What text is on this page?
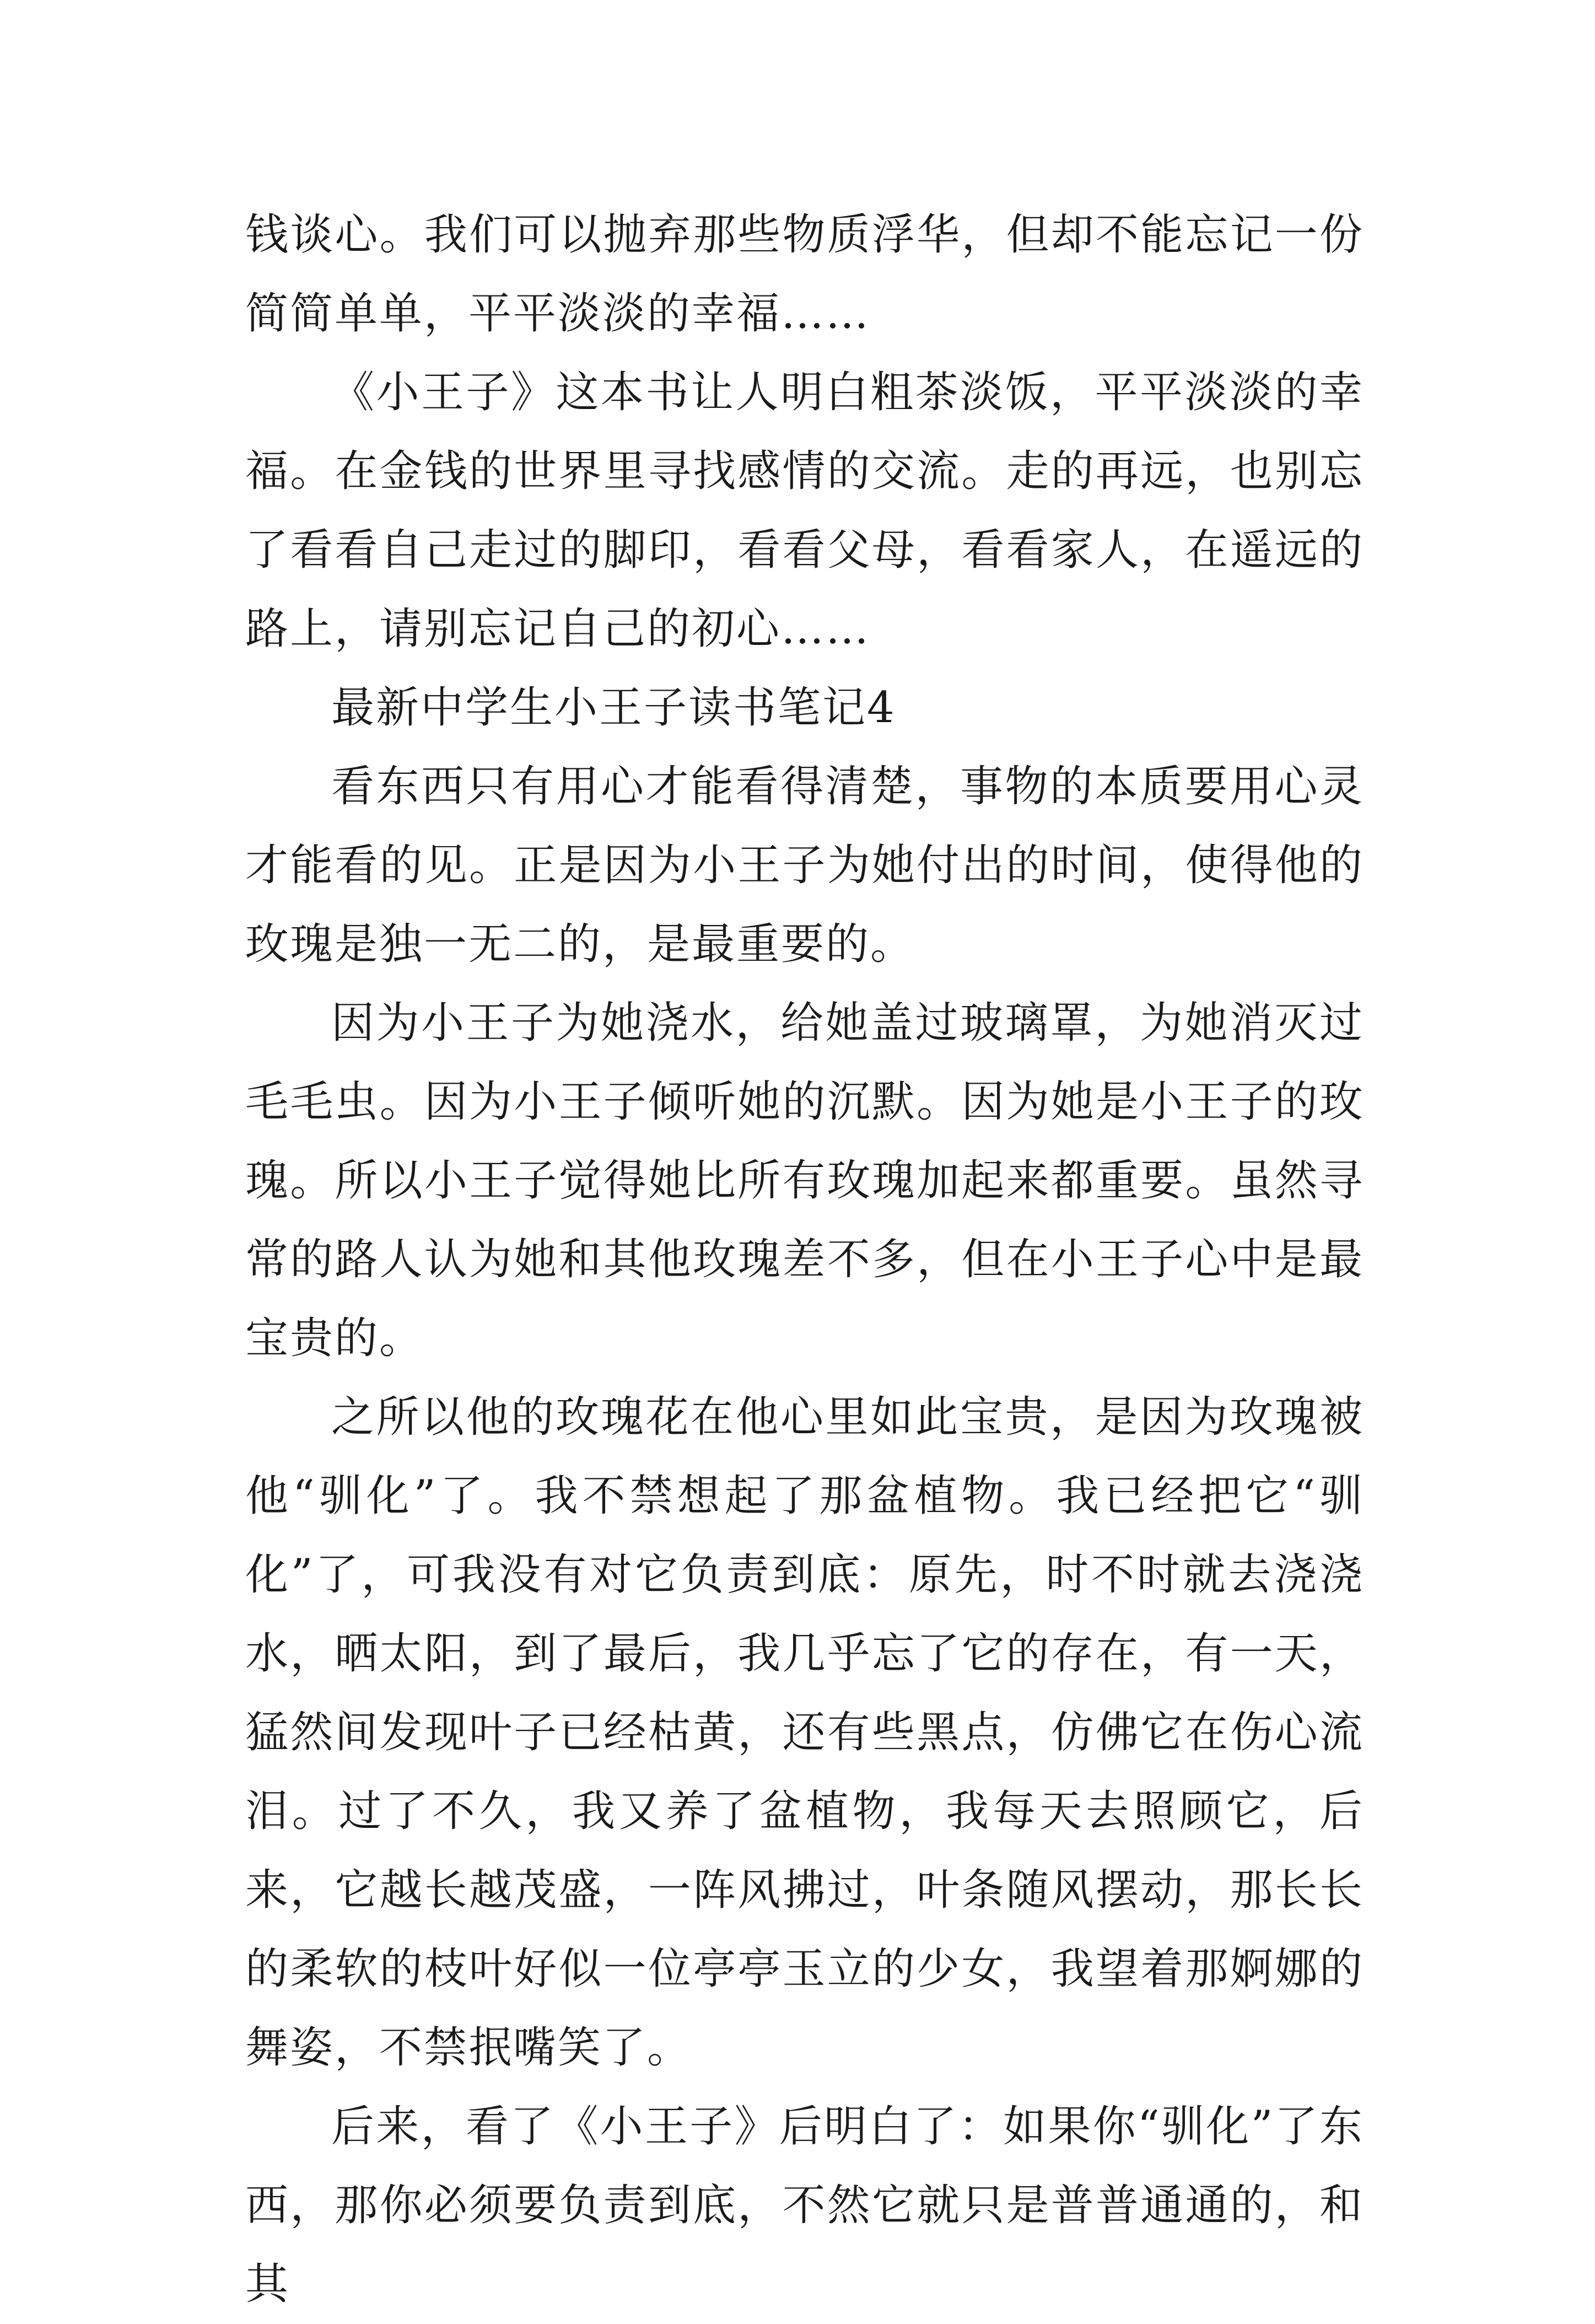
钱谈心。我们可以抛弃那些物质浮华，但却不能忘记一份简简单单，平平淡淡的幸福……

《小王子》这本书让人明白粗茶淡饭，平平淡淡的幸福。在金钱的世界里寻找感情的交流。走的再远，也别忘了看看自己走过的脚印，看看父母，看看家人，在遥远的路上，请别忘记自己的初心……

最新中学生小王子读书笔记4

看东西只有用心才能看得清楚，事物的本质要用心灵才能看的见。正是因为小王子为她付出的时间，使得他的玫瑰是独一无二的，是最重要的。

因为小王子为她浇水，给她盖过玻璃罩，为她消灭过毛毛虫。因为小王子倾听她的沉默。因为她是小王子的玫瑰。所以小王子觉得她比所有玫瑰加起来都重要。虽然寻常的路人认为她和其他玫瑰差不多，但在小王子心中是最宝贵的。

之所以他的玫瑰花在他心里如此宝贵，是因为玫瑰被他“驯化”了。我不禁想起了那盆植物。我已经把它“驯化”了，可我没有对它负责到底：原先，时不时就去浇浇水，晒太阳，到了最后，我几乎忘了它的存在，有一天，猛然间发现叶子已经枯黄，还有些黑点，仿佛它在伤心流泪。过了不久，我又养了盆植物，我每天去照顾它，后来，它越长越茂盛，一阵风拂过，叶条随风摆动，那长长的柔软的枝叶好似一位亭亭玉立的少女，我望着那婀娜的舞姿，不禁抿嘴笑了。

后来，看了《小王子》后明白了：如果你“驯化”了东西，那你必须要负责到底，不然它就只是普普通通的，和其
